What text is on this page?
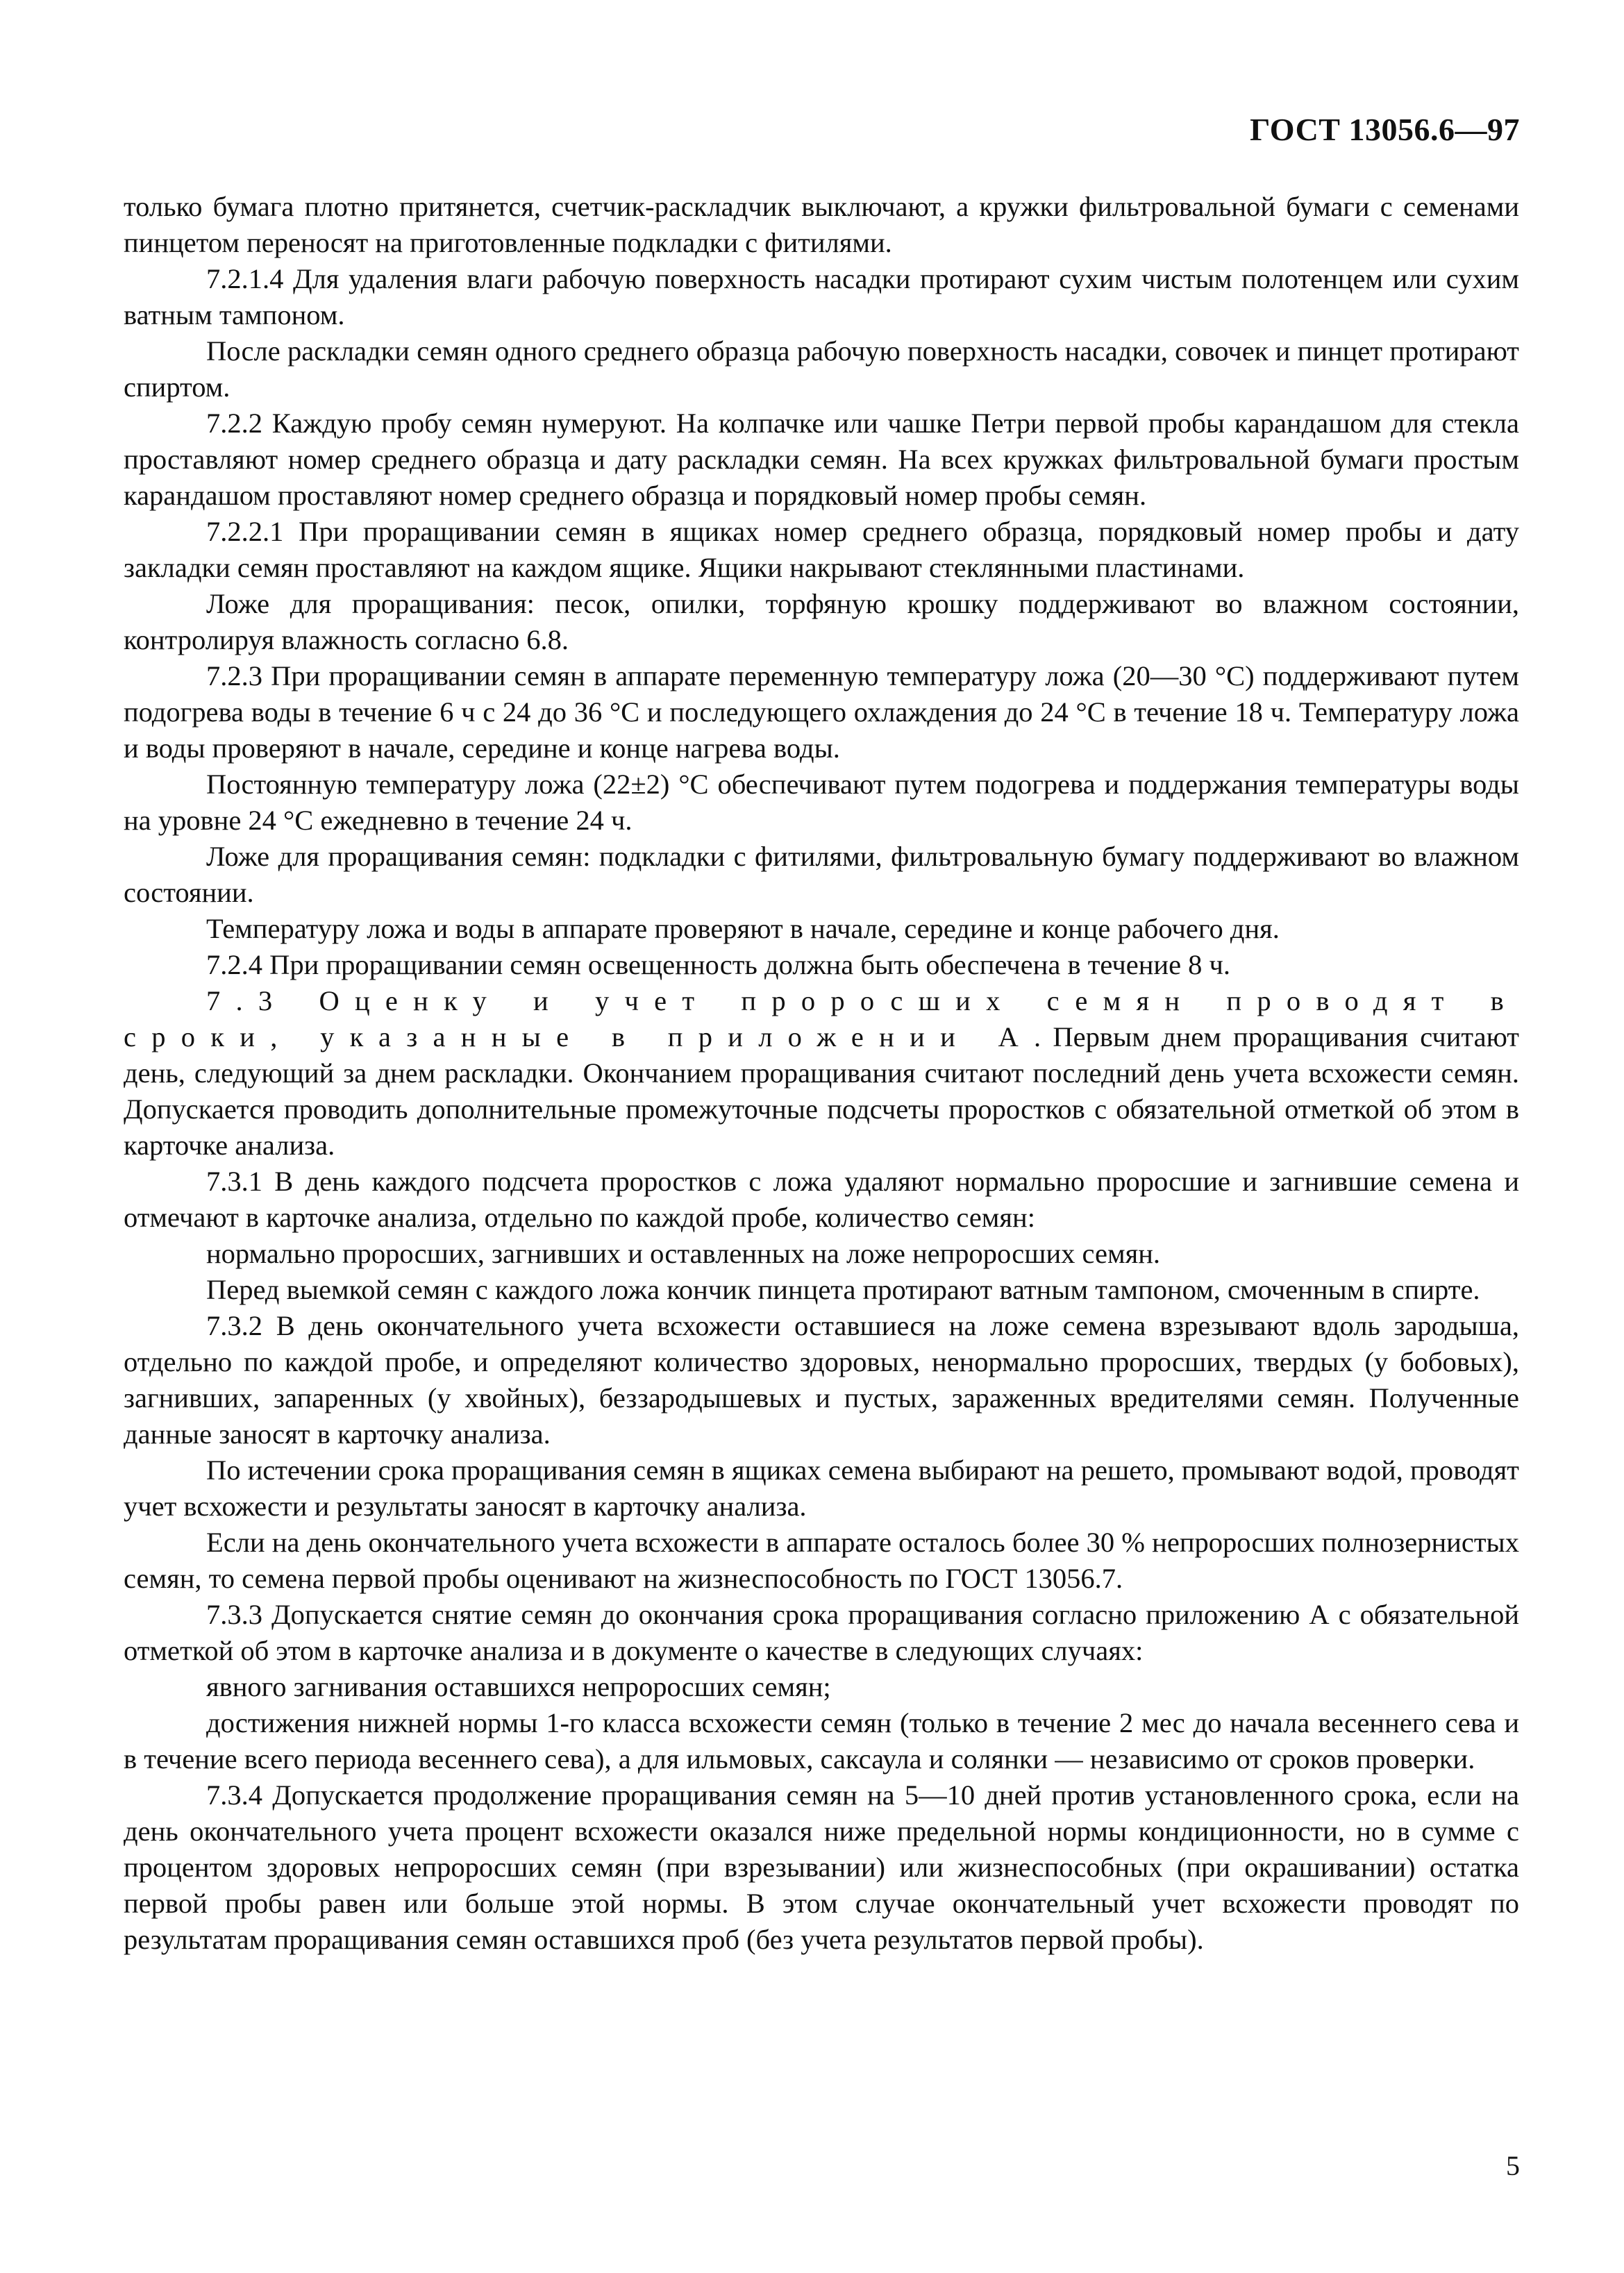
ГОСТ 13056.6—97

только бумага плотно притянется, счетчик-раскладчик выключают, а кружки фильтровальной бумаги с семенами пинцетом переносят на приготовленные подкладки с фитилями.

7.2.1.4 Для удаления влаги рабочую поверхность насадки протирают сухим чистым полотенцем или сухим ватным тампоном.

После раскладки семян одного среднего образца рабочую поверхность насадки, совочек и пинцет протирают спиртом.

7.2.2 Каждую пробу семян нумеруют. На колпачке или чашке Петри первой пробы карандашом для стекла проставляют номер среднего образца и дату раскладки семян. На всех кружках фильтровальной бумаги простым карандашом проставляют номер среднего образца и порядковый номер пробы семян.

7.2.2.1 При проращивании семян в ящиках номер среднего образца, порядковый номер пробы и дату закладки семян проставляют на каждом ящике. Ящики накрывают стеклянными пластинами.

Ложе для проращивания: песок, опилки, торфяную крошку поддерживают во влажном состоянии, контролируя влажность согласно 6.8.

7.2.3 При проращивании семян в аппарате переменную температуру ложа (20—30 °С) поддерживают путем подогрева воды в течение 6 ч с 24 до 36 °С и последующего охлаждения до 24 °С в течение 18 ч. Температуру ложа и воды проверяют в начале, середине и конце нагрева воды.

Постоянную температуру ложа (22±2) °С обеспечивают путем подогрева и поддержания температуры воды на уровне 24 °С ежедневно в течение 24 ч.

Ложе для проращивания семян: подкладки с фитилями, фильтровальную бумагу поддерживают во влажном состоянии.

Температуру ложа и воды в аппарате проверяют в начале, середине и конце рабочего дня.

7.2.4 При проращивании семян освещенность должна быть обеспечена в течение 8 ч.

7.3 Оценку и учет проросших семян проводят в сроки, указанные в приложении А. Первым днем проращивания считают день, следующий за днем раскладки. Окончанием проращивания считают последний день учета всхожести семян. Допускается проводить дополнительные промежуточные подсчеты проростков с обязательной отметкой об этом в карточке анализа.

7.3.1 В день каждого подсчета проростков с ложа удаляют нормально проросшие и загнившие семена и отмечают в карточке анализа, отдельно по каждой пробе, количество семян:

нормально проросших, загнивших и оставленных на ложе непроросших семян.

Перед выемкой семян с каждого ложа кончик пинцета протирают ватным тампоном, смоченным в спирте.

7.3.2 В день окончательного учета всхожести оставшиеся на ложе семена взрезывают вдоль зародыша, отдельно по каждой пробе, и определяют количество здоровых, ненормально проросших, твердых (у бобовых), загнивших, запаренных (у хвойных), беззародышевых и пустых, зараженных вредителями семян. Полученные данные заносят в карточку анализа.

По истечении срока проращивания семян в ящиках семена выбирают на решето, промывают водой, проводят учет всхожести и результаты заносят в карточку анализа.

Если на день окончательного учета всхожести в аппарате осталось более 30 % непроросших полнозернистых семян, то семена первой пробы оценивают на жизнеспособность по ГОСТ 13056.7.

7.3.3 Допускается снятие семян до окончания срока проращивания согласно приложению А с обязательной отметкой об этом в карточке анализа и в документе о качестве в следующих случаях:

явного загнивания оставшихся непроросших семян;

достижения нижней нормы 1-го класса всхожести семян (только в течение 2 мес до начала весеннего сева и в течение всего периода весеннего сева), а для ильмовых, саксаула и солянки — независимо от сроков проверки.

7.3.4 Допускается продолжение проращивания семян на 5—10 дней против установленного срока, если на день окончательного учета процент всхожести оказался ниже предельной нормы кондиционности, но в сумме с процентом здоровых непроросших семян (при взрезывании) или жизнеспособных (при окрашивании) остатка первой пробы равен или больше этой нормы. В этом случае окончательный учет всхожести проводят по результатам проращивания семян оставшихся проб (без учета результатов первой пробы).

5
